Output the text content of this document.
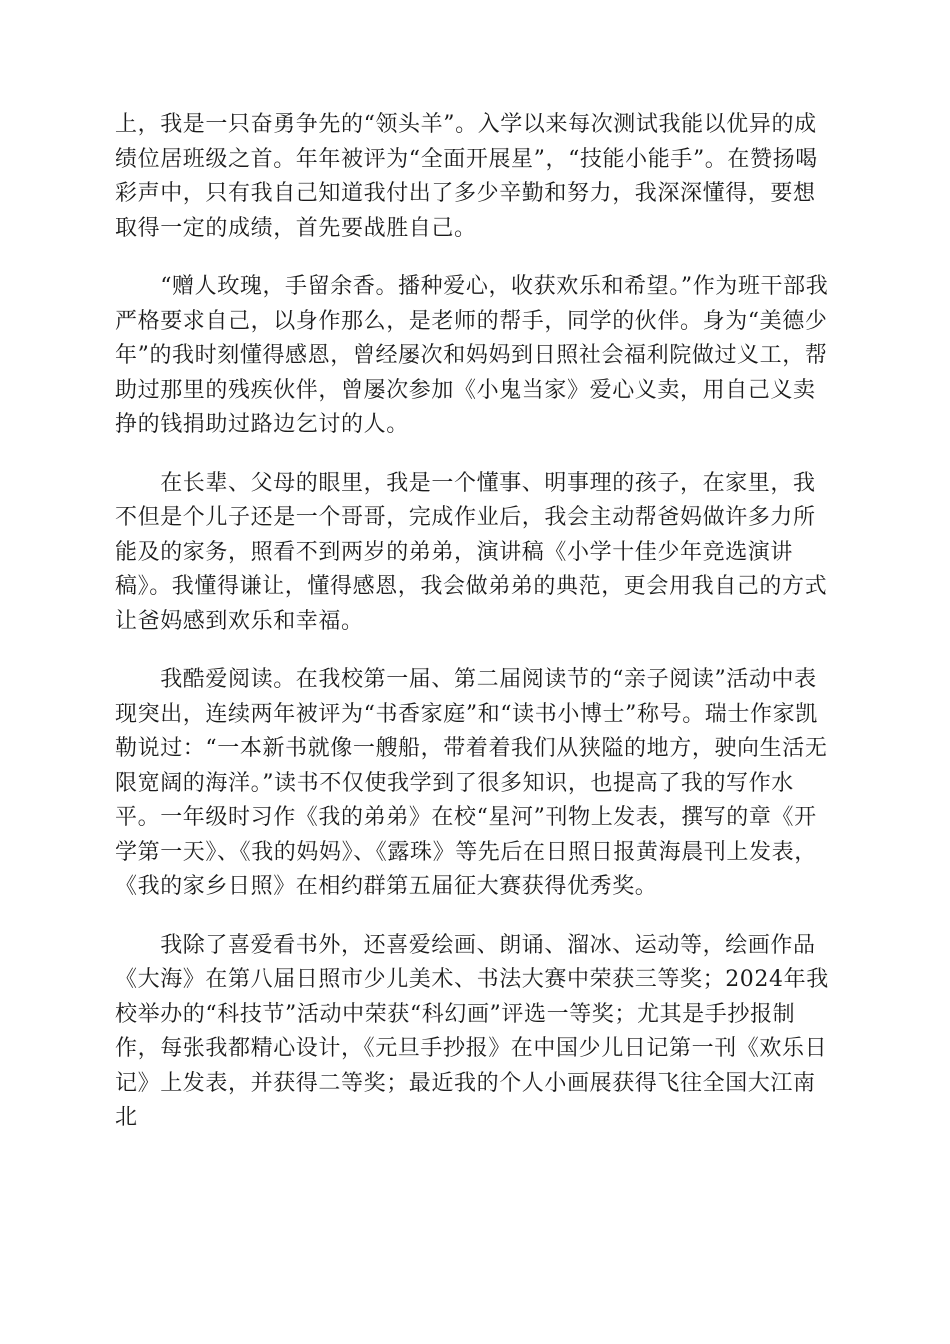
上，我是一只奋勇争先的“领头羊”。入学以来每次测试我能以优异的成绩位居班级之首。年年被评为“全面开展星”，“技能小能手”。在赞扬喝彩声中，只有我自己知道我付出了多少辛勤和努力，我深深懂得，要想取得一定的成绩，首先要战胜自己。

　　“赠人玫瑰，手留余香。播种爱心，收获欢乐和希望。”作为班干部我严格要求自己，以身作那么，是老师的帮手，同学的伙伴。身为“美德少年”的我时刻懂得感恩，曾经屡次和妈妈到日照社会福利院做过义工，帮助过那里的残疾伙伴，曾屡次参加《小鬼当家》爱心义卖，用自己义卖挣的钱捐助过路边乞讨的人。

　　在长辈、父母的眼里，我是一个懂事、明事理的孩子，在家里，我不但是个儿子还是一个哥哥，完成作业后，我会主动帮爸妈做许多力所能及的家务，照看不到两岁的弟弟，演讲稿《小学十佳少年竞选演讲稿》。我懂得谦让，懂得感恩，我会做弟弟的典范，更会用我自己的方式让爸妈感到欢乐和幸福。

　　我酷爱阅读。在我校第一届、第二届阅读节的“亲子阅读”活动中表现突出，连续两年被评为“书香家庭”和“读书小博士”称号。瑞士作家凯勒说过：“一本新书就像一艘船，带着着我们从狭隘的地方，驶向生活无限宽阔的海洋。”读书不仅使我学到了很多知识，也提高了我的写作水平。一年级时习作《我的弟弟》在校“星河”刊物上发表，撰写的章《开学第一天》、《我的妈妈》、《露珠》等先后在日照日报黄海晨刊上发表，《我的家乡日照》在相约群第五届征大赛获得优秀奖。

　　我除了喜爱看书外，还喜爱绘画、朗诵、溜冰、运动等，绘画作品《大海》在第八届日照市少儿美术、书法大赛中荣获三等奖；2024年我校举办的“科技节”活动中荣获“科幻画”评选一等奖；尤其是手抄报制作，每张我都精心设计，《元旦手抄报》在中国少儿日记第一刊《欢乐日记》上发表，并获得二等奖；最近我的个人小画展获得飞往全国大江南北
